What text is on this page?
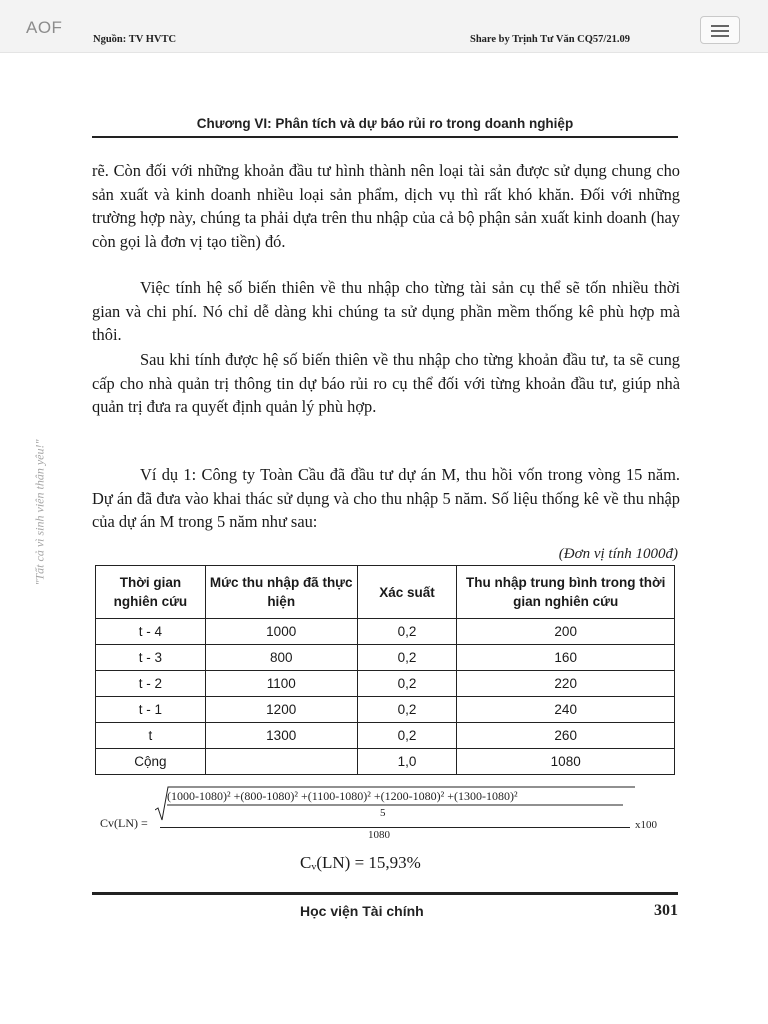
AOF
Nguồn: TV HVTC	Share by Trịnh Tư Văn CQ57/21.09
"Tất cả vì sinh viên thân yêu!"
Chương VI: Phân tích và dự báo rủi ro trong doanh nghiệp

rẽ. Còn đối với những khoản đầu tư hình thành nên loại tài sản được sử dụng chung cho sản xuất và kinh doanh nhiều loại sản phẩm, dịch vụ thì rất khó khăn. Đối với những trường hợp này, chúng ta phải dựa trên thu nhập của cả bộ phận sản xuất kinh doanh (hay còn gọi là đơn vị tạo tiền) đó.

Việc tính hệ số biến thiên về thu nhập cho từng tài sản cụ thể sẽ tốn nhiều thời gian và chi phí. Nó chỉ dễ dàng khi chúng ta sử dụng phần mềm thống kê phù hợp mà thôi.

Sau khi tính được hệ số biến thiên về thu nhập cho từng khoản đầu tư, ta sẽ cung cấp cho nhà quản trị thông tin dự báo rủi ro cụ thể đối với từng khoản đầu tư, giúp nhà quản trị đưa ra quyết định quản lý phù hợp.

Ví dụ 1: Công ty Toàn Cầu đã đầu tư dự án M, thu hồi vốn trong vòng 15 năm. Dự án đã đưa vào khai thác sử dụng và cho thu nhập 5 năm. Số liệu thống kê về thu nhập của dự án M trong 5 năm như sau:

(Đơn vị tính 1000đ)
Thời gian nghiên cứu	Mức thu nhập đã thực hiện	Xác suất	Thu nhập trung bình trong thời gian nghiên cứu
t - 4	1000	0,2	200
t - 3	800	0,2	160
t - 2	1100	0,2	220
t - 1	1200	0,2	240
t	1300	0,2	260
Cộng		1,0	1080
Cv(LN) =
(1000-1080)² +(800-1080)² +(1100-1080)² +(1200-1080)² +(1300-1080)²
5
1080
x100
Cᵥ(LN) = 15,93%
Học viện Tài chính	301
